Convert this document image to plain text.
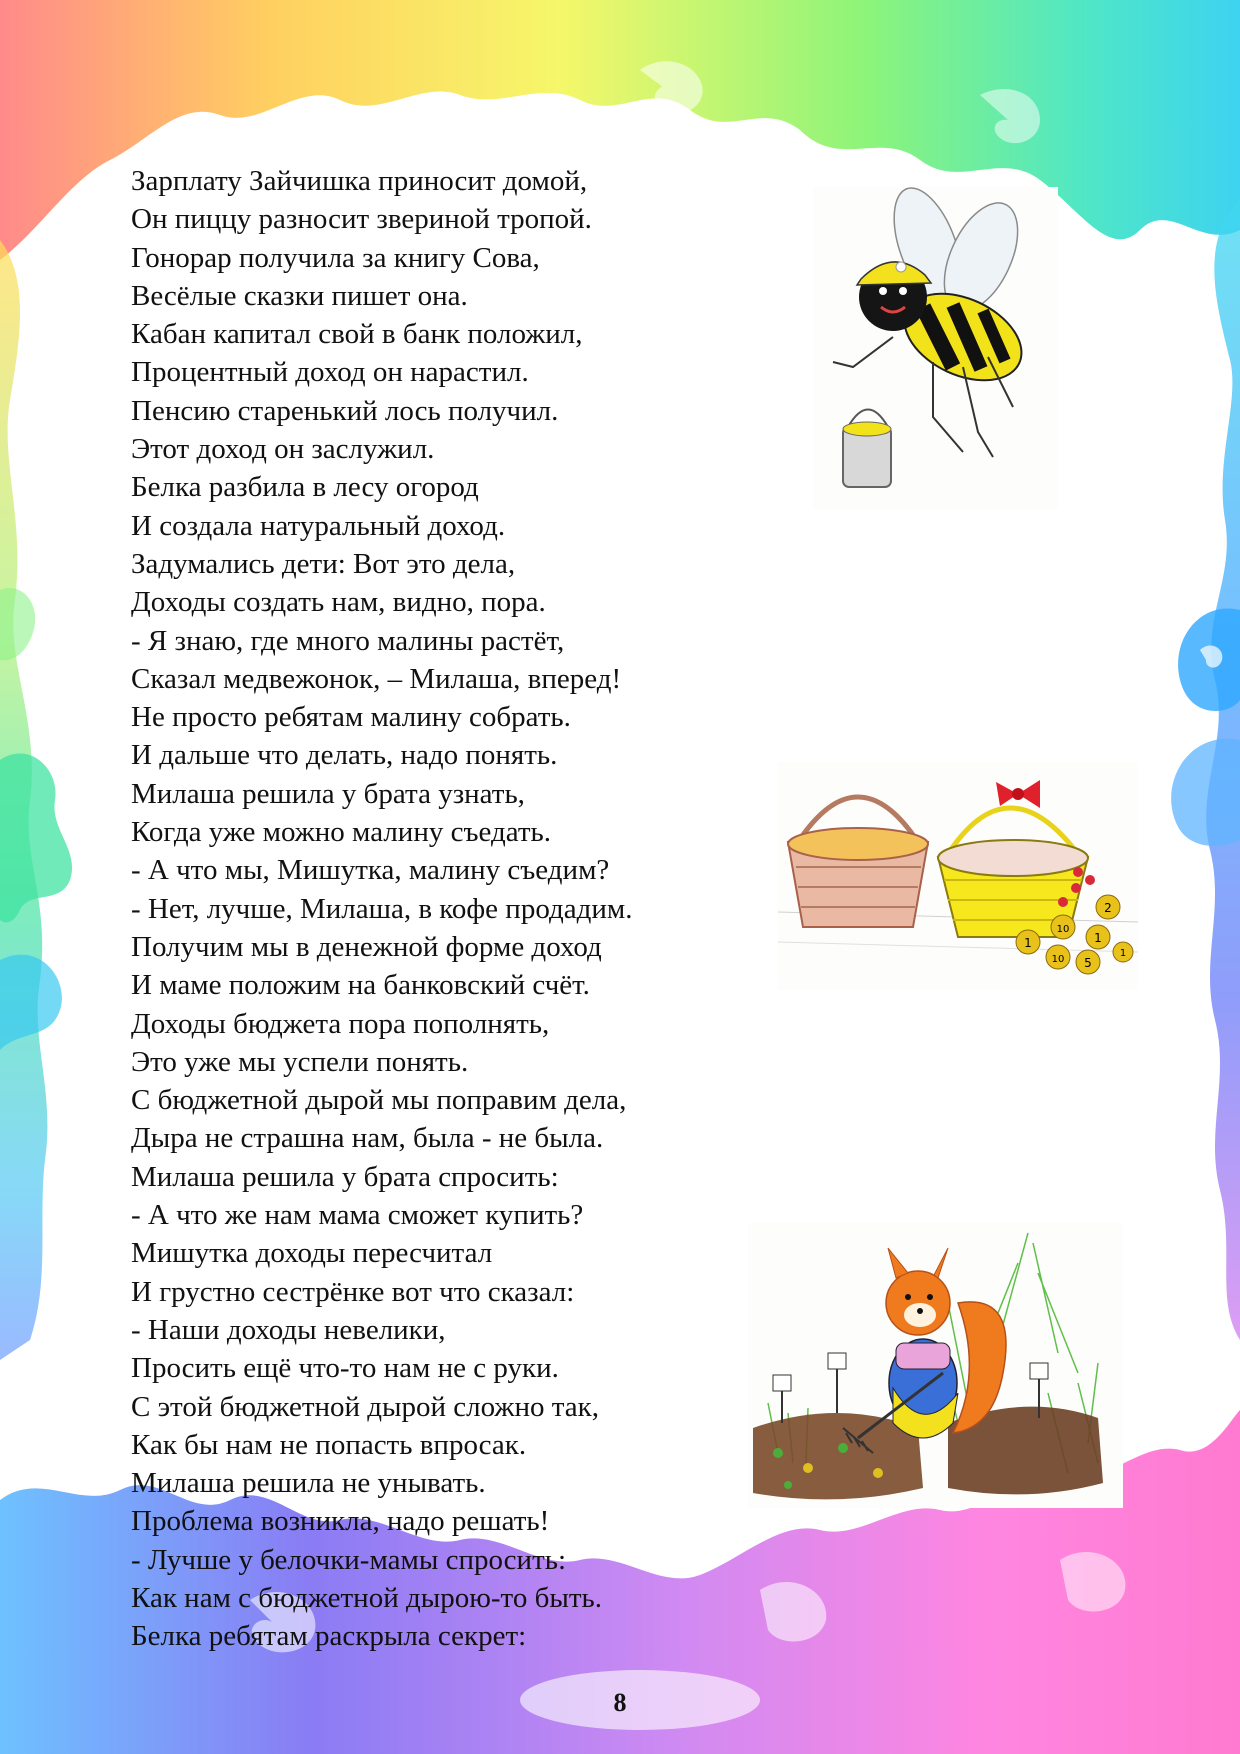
Зарплату Зайчишка приносит домой,
Он пиццу разносит звериной тропой.
Гонорар получила за книгу Сова,
Весёлые сказки пишет она.
Кабан капитал свой в банк положил,
Процентный доход он нарастил.
Пенсию старенький лось получил.
Этот доход он заслужил.
Белка разбила в лесу огород
И создала натуральный доход.
Задумались дети: Вот это дела,
Доходы создать нам, видно, пора.
- Я знаю, где много малины растёт,
Сказал медвежонок, – Милаша, вперед!
Не просто ребятам малину собрать.
И дальше что делать, надо понять.
Милаша решила у брата узнать,
Когда уже можно малину съедать.
- А что мы, Мишутка, малину съедим?
- Нет, лучше, Милаша, в кофе продадим.
Получим мы в денежной форме доход
И маме положим на банковский счёт.
Доходы бюджета пора пополнять,
Это уже мы успели понять.
С бюджетной дырой мы поправим дела,
Дыра не страшна нам, была - не была.
Милаша решила у брата спросить:
- А что же нам мама сможет купить?
Мишутка доходы пересчитал
И грустно сестрёнке вот что сказал:
- Наши доходы невелики,
Просить ещё что-то нам не с руки.
С этой бюджетной дырой сложно так,
Как бы нам не попасть впросак.
Милаша решила не унывать.
Проблема возникла, надо решать!
- Лучше у белочки-мамы спросить:
Как нам с бюджетной дырою-то быть.
Белка ребятам раскрыла секрет:
1
10
1
10
2
5
1
8
